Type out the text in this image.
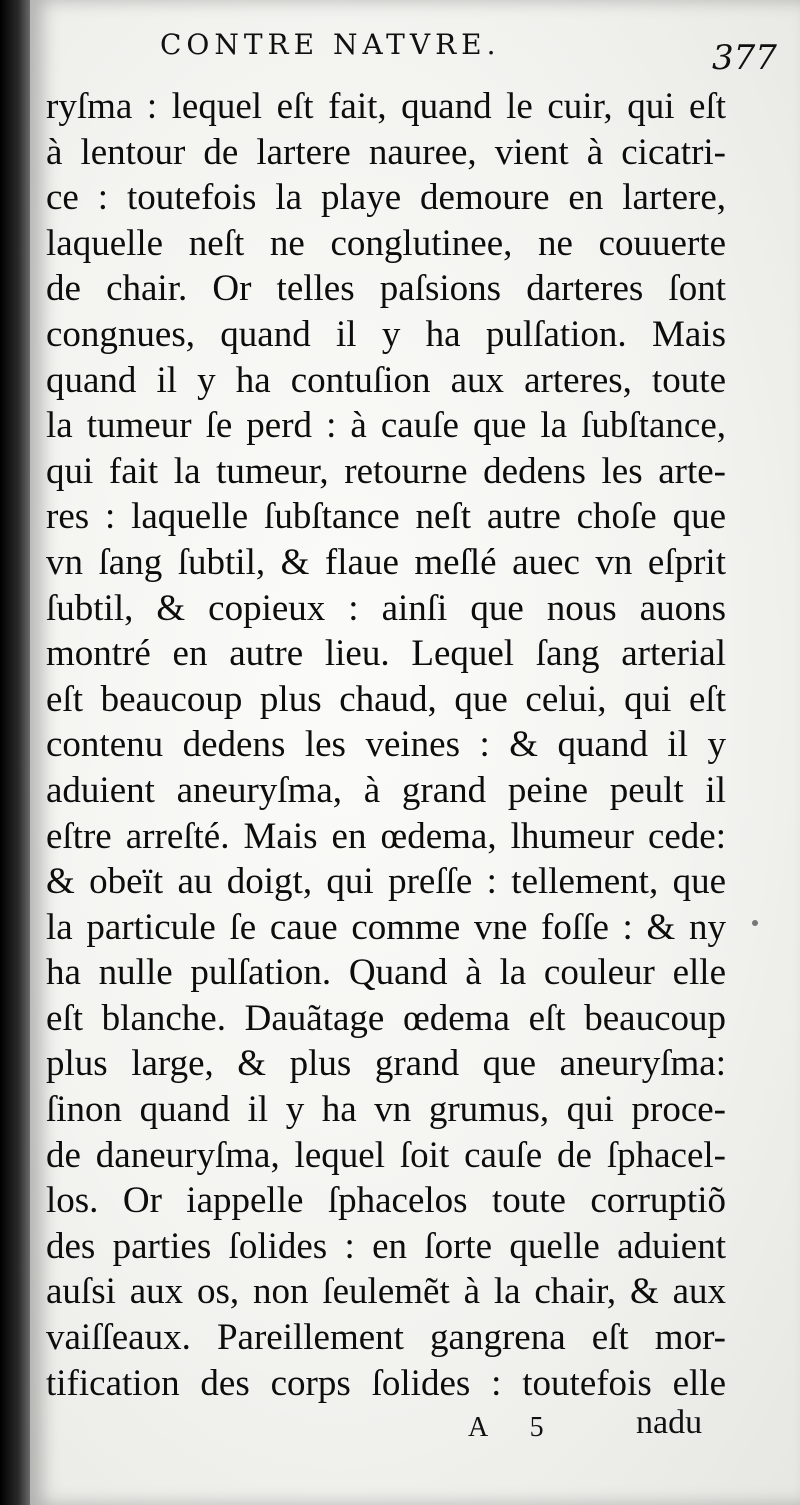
CONTRE NATVRE.	377
ryſma : lequel eſt fait, quand le cuir, qui eſt
à lentour de lartere nauree, vient à cicatri-
ce : toutefois la playe demoure en lartere,
laquelle neſt ne conglutinee, ne couuerte
de chair. Or telles paſsions darteres ſont
congnues, quand il y ha pulſation. Mais
quand il y ha contuſion aux arteres, toute
la tumeur ſe perd : à cauſe que la ſubſtance,
qui fait la tumeur, retourne dedens les arte-
res : laquelle ſubſtance neſt autre choſe que
vn ſang ſubtil, & flaue meſlé auec vn eſprit
ſubtil, & copieux : ainſi que nous auons
montré en autre lieu. Lequel ſang arterial
eſt beaucoup plus chaud, que celui, qui eſt
contenu dedens les veines : & quand il y
aduient aneuryſma, à grand peine peult il
eſtre arreſté. Mais en œdema, lhumeur cede:
& obeït au doigt, qui preſſe : tellement, que
la particule ſe caue comme vne foſſe : & ny
ha nulle pulſation. Quand à la couleur elle
eſt blanche. Dauãtage œdema eſt beaucoup
plus large, & plus grand que aneuryſma:
ſinon quand il y ha vn grumus, qui proce-
de daneuryſma, lequel ſoit cauſe de ſphacel-
los. Or iappelle ſphacelos toute corruptiõ
des parties ſolides : en ſorte quelle aduient
auſsi aux os, non ſeulemẽt à la chair, & aux
vaiſſeaux. Pareillement gangrena eſt mor-
tification des corps ſolides : toutefois elle
A 5 nadu
